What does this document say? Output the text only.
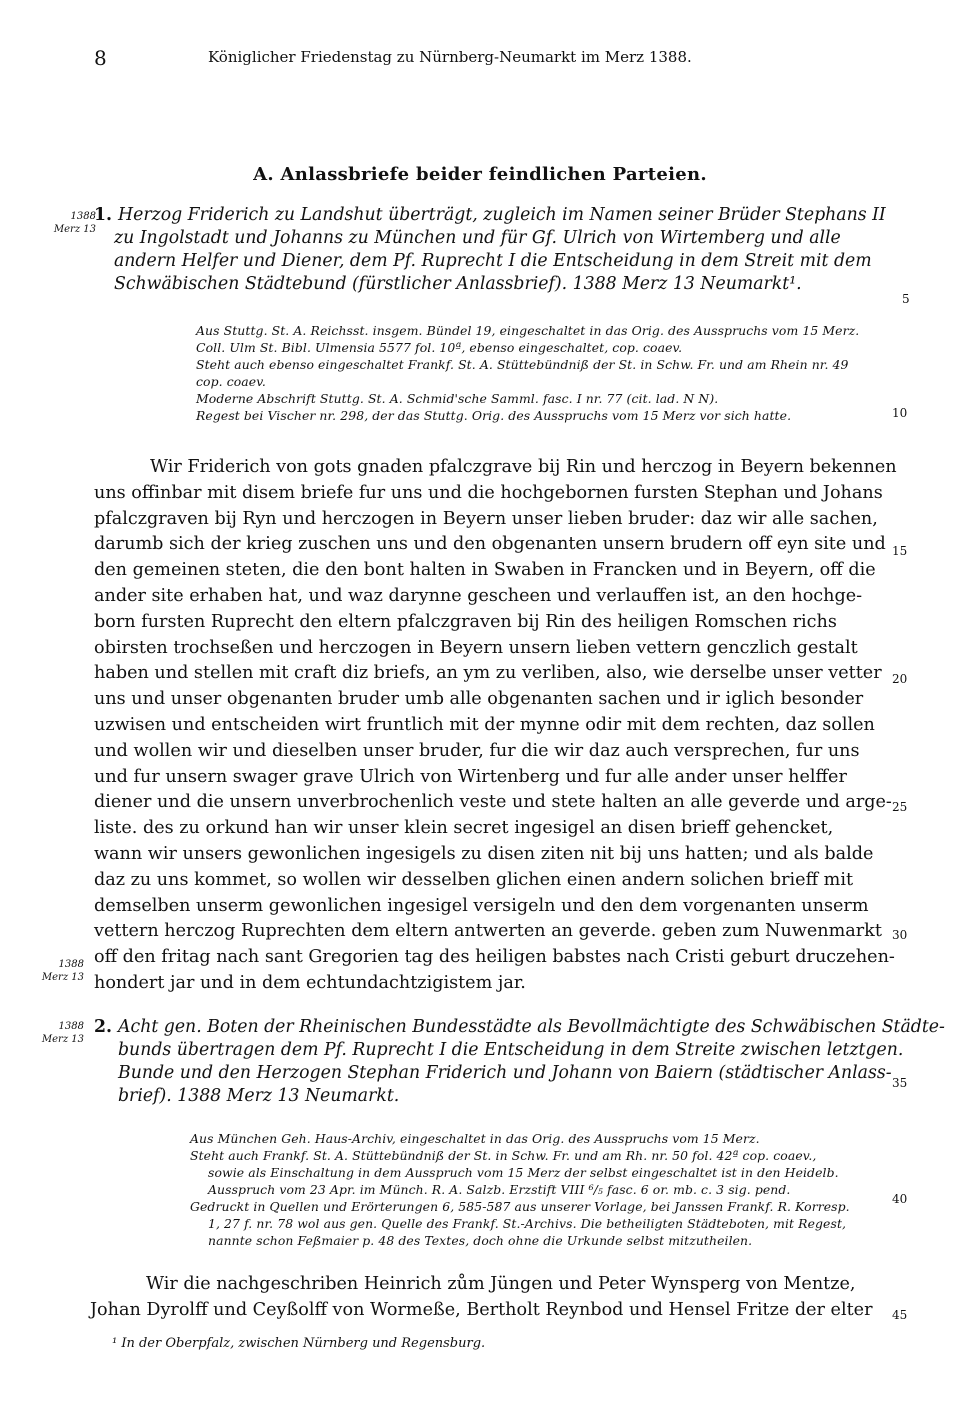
8	Königlicher Friedenstag zu Nürnberg-Neumarkt im Merz 1388.
A. Anlassbriefe beider feindlichen Parteien.
1388
Merz 13
1388
Merz 13
1388
Merz 13
5
10
15
20
25
30
35
40
45
1. Herzog Friderich zu Landshut überträgt, zugleich im Namen seiner Brüder Stephans II
zu Ingolstadt und Johanns zu München und für Gf. Ulrich von Wirtemberg und alle
andern Helfer und Diener, dem Pf. Ruprecht I die Entscheidung in dem Streit mit dem
Schwäbischen Städtebund (fürstlicher Anlassbrief). 1388 Merz 13 Neumarkt¹.
Aus Stuttg. St. A. Reichsst. insgem. Bündel 19, eingeschaltet in das Orig. des Ausspruchs vom 15 Merz.
Coll. Ulm St. Bibl. Ulmensia 5577 fol. 10ª, ebenso eingeschaltet, cop. coaev.
Steht auch ebenso eingeschaltet Frankf. St. A. Stüttebündniß der St. in Schw. Fr. und am Rhein nr. 49
cop. coaev.
Moderne Abschrift Stuttg. St. A. Schmid'sche Samml. fasc. I nr. 77 (cit. lad. N N).
Regest bei Vischer nr. 298, der das Stuttg. Orig. des Ausspruchs vom 15 Merz vor sich hatte.
Wir Friderich von gots gnaden pfalczgrave bij Rin und herczog in Beyern bekennen
uns offinbar mit disem briefe fur uns und die hochgebornen fursten Stephan und Johans
pfalczgraven bij Ryn und herczogen in Beyern unser lieben bruder: daz wir alle sachen,
darumb sich der krieg zuschen uns und den obgenanten unsern brudern off eyn site und
den gemeinen steten, die den bont halten in Swaben in Francken und in Beyern, off die
ander site erhaben hat, und waz darynne gescheen und verlauffen ist, an den hochge-
born fursten Ruprecht den eltern pfalczgraven bij Rin des heiligen Romschen richs
obirsten trochseßen und herczogen in Beyern unsern lieben vettern genczlich gestalt
haben und stellen mit craft diz briefs, an ym zu verliben, also, wie derselbe unser vetter
uns und unser obgenanten bruder umb alle obgenanten sachen und ir iglich besonder
uzwisen und entscheiden wirt fruntlich mit der mynne odir mit dem rechten, daz sollen
und wollen wir und dieselben unser bruder, fur die wir daz auch versprechen, fur uns
und fur unsern swager grave Ulrich von Wirtenberg und fur alle ander unser helffer
diener und die unsern unverbrochenlich veste und stete halten an alle geverde und arge-
liste. des zu orkund han wir unser klein secret ingesigel an disen brieff gehencket,
wann wir unsers gewonlichen ingesigels zu disen ziten nit bij uns hatten; und als balde
daz zu uns kommet, so wollen wir desselben glichen einen andern solichen brieff mit
demselben unserm gewonlichen ingesigel versigeln und den dem vorgenanten unserm
vettern herczog Ruprechten dem eltern antwerten an geverde. geben zum Nuwenmarkt
off den fritag nach sant Gregorien tag des heiligen babstes nach Cristi geburt druczehen-
hondert jar und in dem echtundachtzigistem jar.
2. Acht gen. Boten der Rheinischen Bundesstädte als Bevollmächtigte des Schwäbischen Städte-
bunds übertragen dem Pf. Ruprecht I die Entscheidung in dem Streite zwischen letztgen.
Bunde und den Herzogen Stephan Friderich und Johann von Baiern (städtischer Anlass-
brief). 1388 Merz 13 Neumarkt.
Aus München Geh. Haus-Archiv, eingeschaltet in das Orig. des Ausspruchs vom 15 Merz.
Steht auch Frankf. St. A. Stüttebündniß der St. in Schw. Fr. und am Rh. nr. 50 fol. 42ª cop. coaev.,
sowie als Einschaltung in dem Ausspruch vom 15 Merz der selbst eingeschaltet ist in den Heidelb.
Ausspruch vom 23 Apr. im Münch. R. A. Salzb. Erzstift VIII ⁶/₅ fasc. 6 or. mb. c. 3 sig. pend.
Gedruckt in Quellen und Erörterungen 6, 585-587 aus unserer Vorlage, bei Janssen Frankf. R. Korresp.
1, 27 f. nr. 78 wol aus gen. Quelle des Frankf. St.-Archivs. Die betheiligten Städteboten, mit Regest,
nannte schon Feßmaier p. 48 des Textes, doch ohne die Urkunde selbst mitzutheilen.
Wir die nachgeschriben Heinrich zům Jüngen und Peter Wynsperg von Mentze,
Johan Dyrolff und Ceyßolff von Wormeße, Bertholt Reynbod und Hensel Fritze der elter
¹ In der Oberpfalz, zwischen Nürnberg und Regensburg.
